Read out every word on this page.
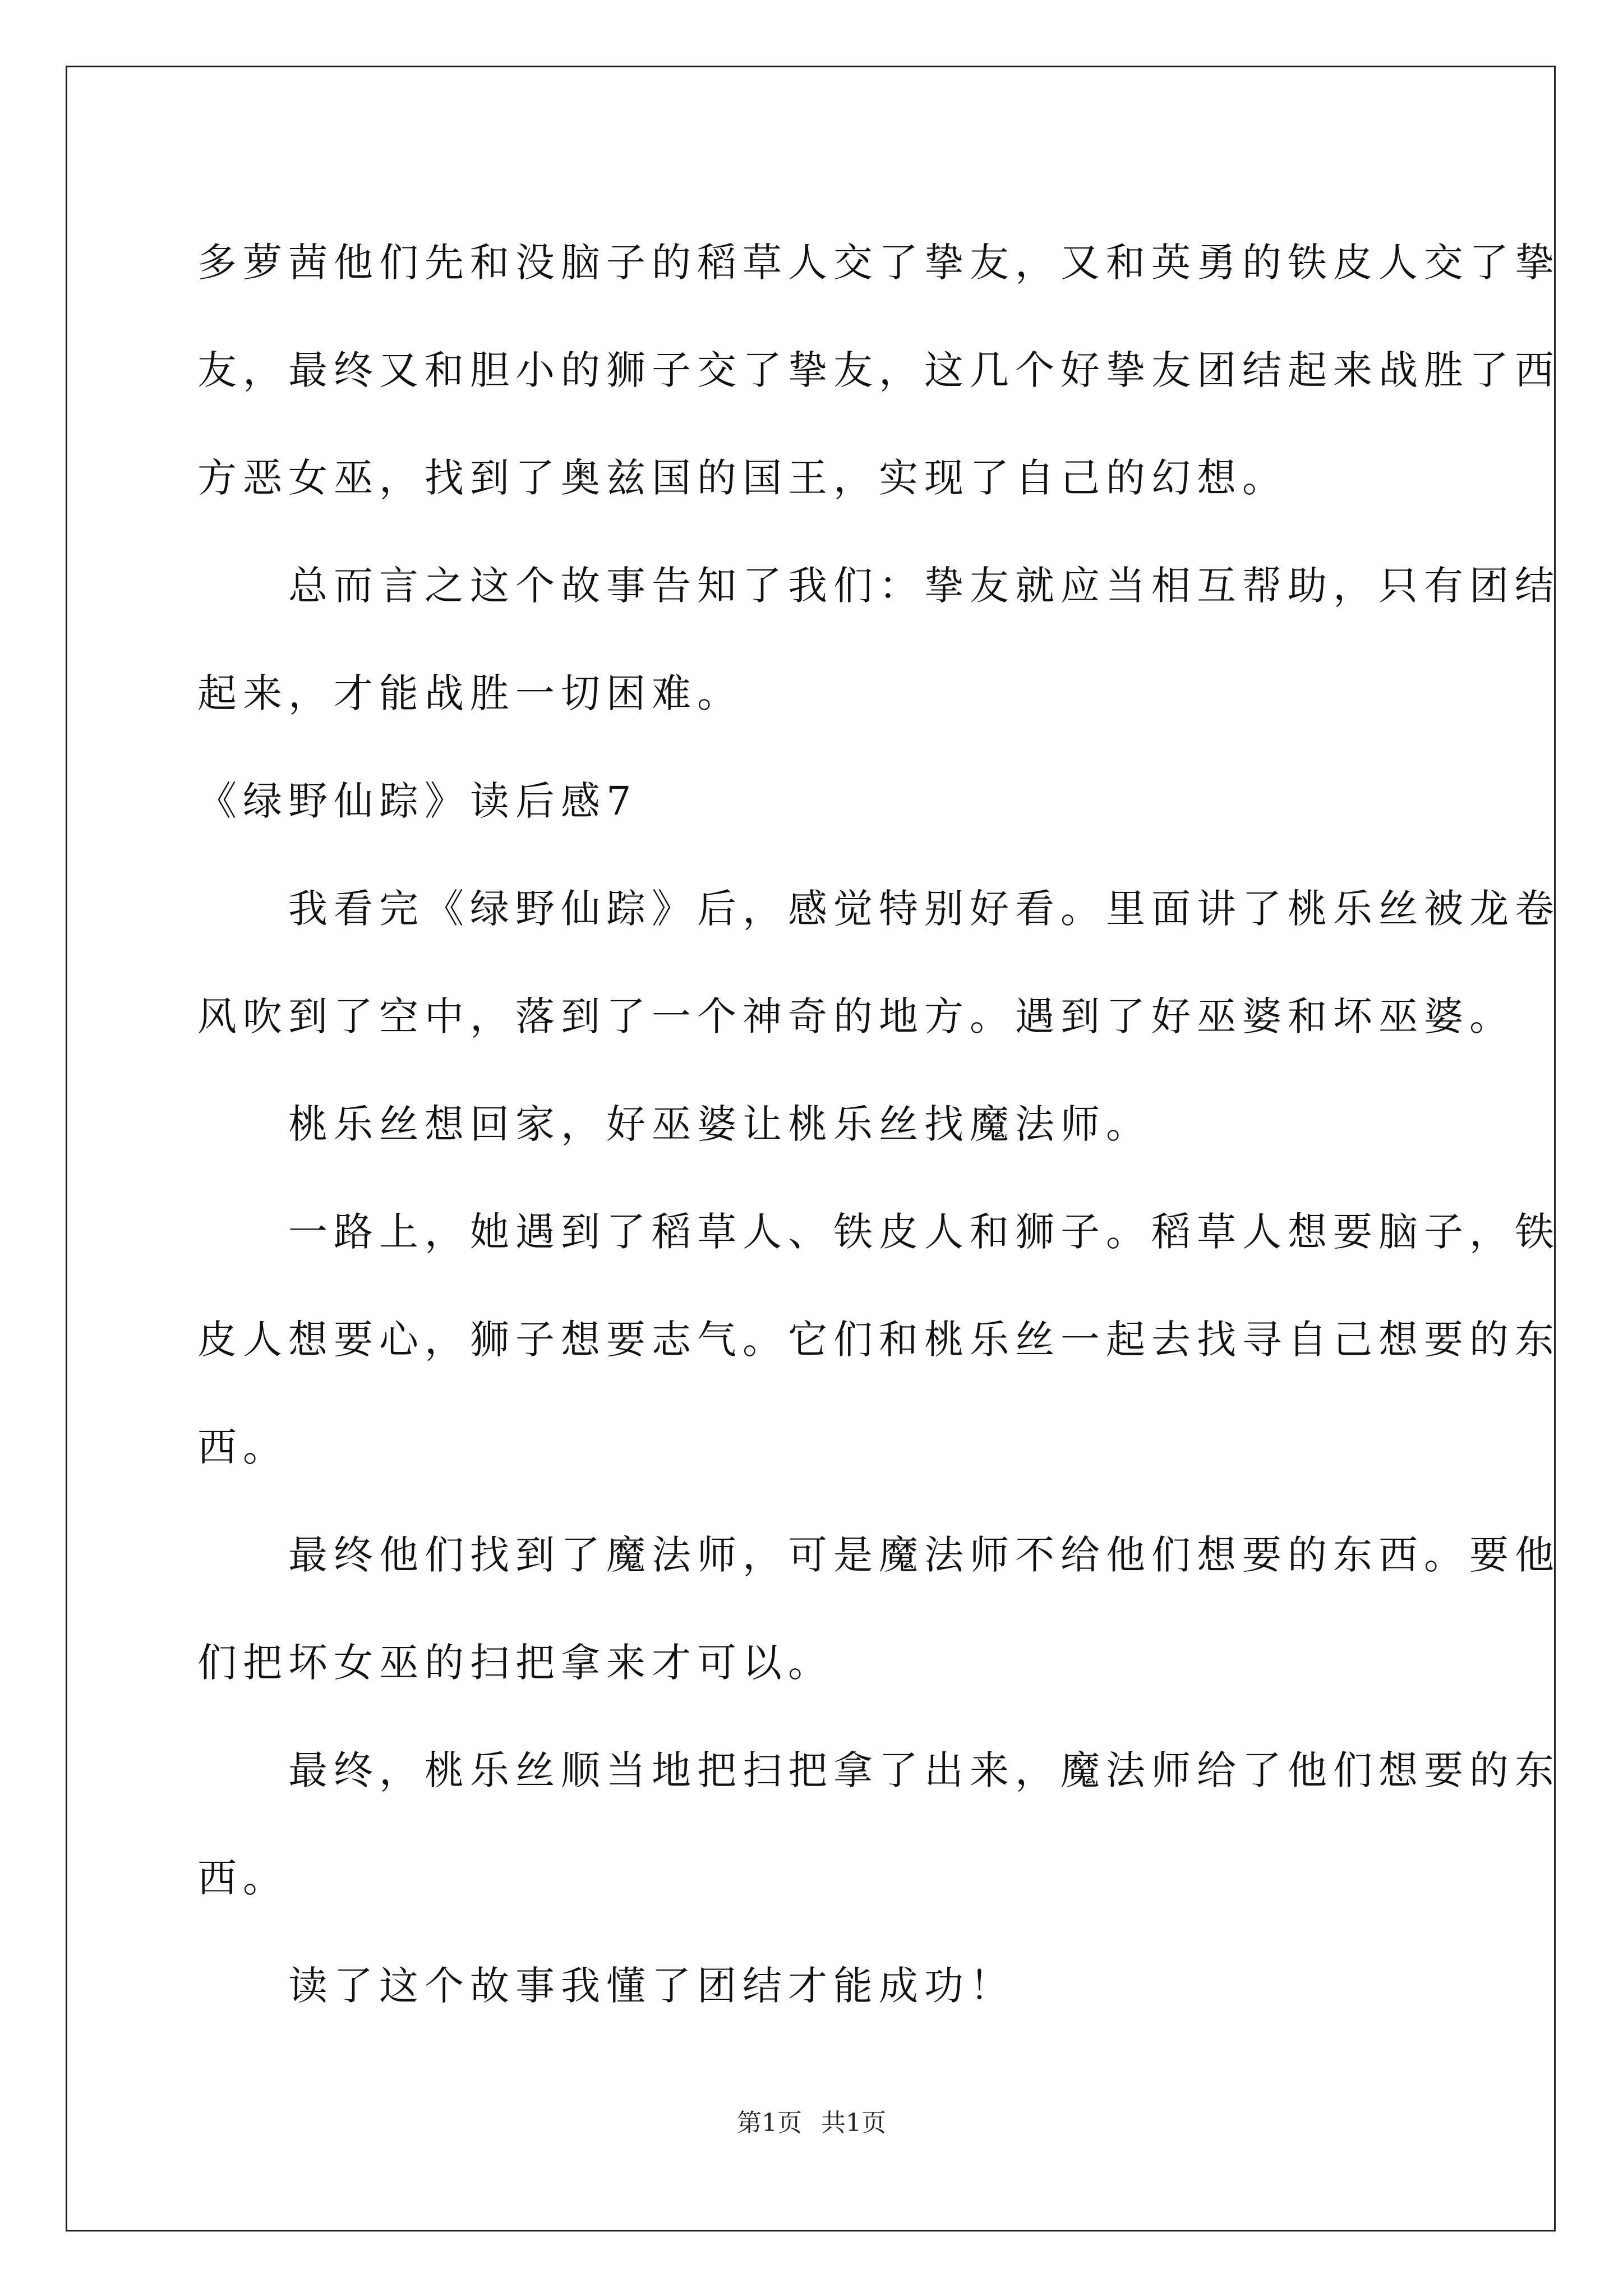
多萝茜他们先和没脑子的稻草人交了挚友，又和英勇的铁皮人交了挚
友，最终又和胆小的狮子交了挚友，这几个好挚友团结起来战胜了西
方恶女巫，找到了奥兹国的国王，实现了自己的幻想。
　　总而言之这个故事告知了我们：挚友就应当相互帮助，只有团结
起来，才能战胜一切困难。
《绿野仙踪》读后感7
　　我看完《绿野仙踪》后，感觉特别好看。里面讲了桃乐丝被龙卷
风吹到了空中，落到了一个神奇的地方。遇到了好巫婆和坏巫婆。
　　桃乐丝想回家，好巫婆让桃乐丝找魔法师。
　　一路上，她遇到了稻草人、铁皮人和狮子。稻草人想要脑子，铁
皮人想要心，狮子想要志气。它们和桃乐丝一起去找寻自己想要的东
西。
　　最终他们找到了魔法师，可是魔法师不给他们想要的东西。要他
们把坏女巫的扫把拿来才可以。
　　最终，桃乐丝顺当地把扫把拿了出来，魔法师给了他们想要的东
西。
　　读了这个故事我懂了团结才能成功！
第1页 共1页
